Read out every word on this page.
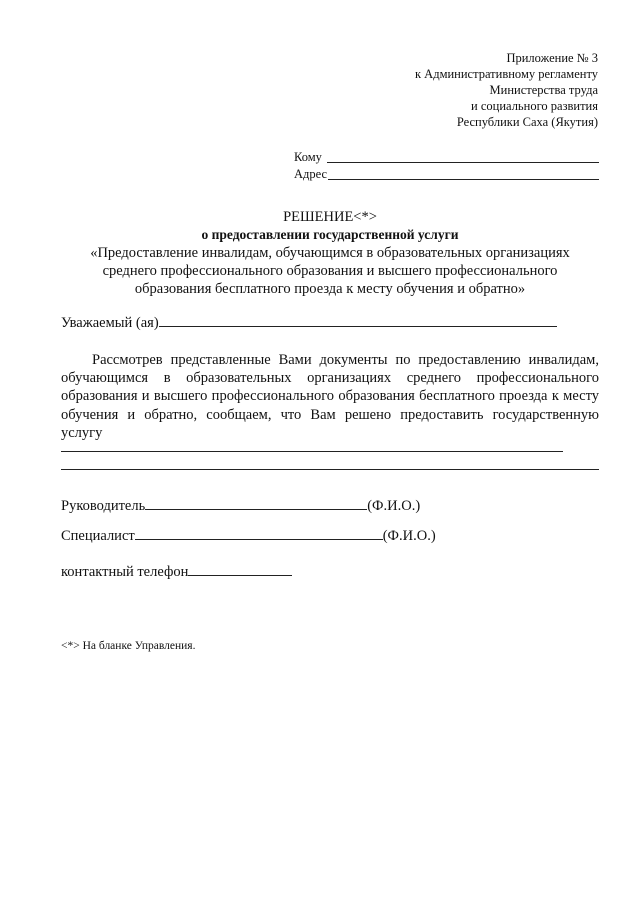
Приложение № 3
к Административному регламенту
Министерства труда
и социального развития
Республики Саха (Якутия)
Кому
Адрес
РЕШЕНИЕ<*>
о предоставлении государственной услуги
«Предоставление инвалидам, обучающимся в образовательных организациях
среднего профессионального образования и высшего профессионального
образования бесплатного проезда к месту обучения и обратно»
Уважаемый (ая)
Рассмотрев представленные Вами документы по предоставлению инвалидам, обучающимся в образовательных организациях среднего профессионального образования и высшего профессионального образования бесплатного проезда к месту обучения и обратно, сообщаем, что Вам решено предоставить государственную услугу
Руководитель	(Ф.И.О.)
Специалист	(Ф.И.О.)
контактный телефон
<*> На бланке Управления.
